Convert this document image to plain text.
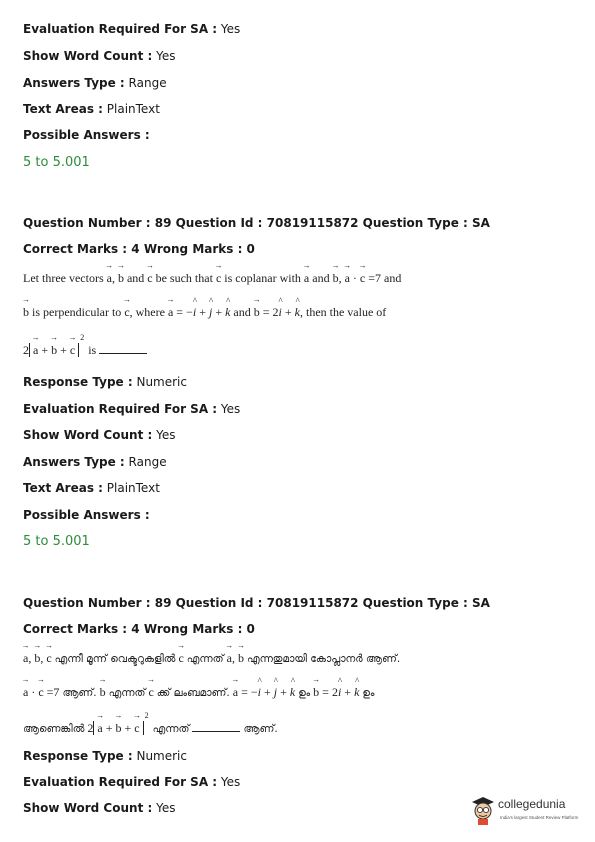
Evaluation Required For SA : Yes
Show Word Count : Yes
Answers Type : Range
Text Areas : PlainText
Possible Answers :
5 to 5.001
Question Number : 89 Question Id : 70819115872 Question Type : SA
Correct Marks : 4 Wrong Marks : 0
Let three vectors → a, → b and → c be such that → c is coplanar with → a and → b, → a · → c =7 and
→ b is perpendicular to → c, where → a = −^ i + ^ j + ^ k and → b = 2^ i + ^ k, then the value of
2 → a + → b + → c
2
is
Response Type : Numeric
Evaluation Required For SA : Yes
Show Word Count : Yes
Answers Type : Range
Text Areas : PlainText
Possible Answers :
5 to 5.001
Question Number : 89 Question Id : 70819115872 Question Type : SA
Correct Marks : 4 Wrong Marks : 0
→ a, → b, → c എന്നീ മൂന്ന് വെക്ടറുകളിൽ → c എന്നത് → a, → b എന്നതുമായി കോപ്ലാനർ ആണ്.
→ a · → c =7 ആണ്. → b എന്നത് → c ക്ക് ലംബമാണ്. → a = −^ i + ^ j + ^ k ഉം → b = 2^ i + ^ k ഉം
ആണെങ്കിൽ 2 → a + → b + → c
2
എന്നത്	ആണ്.
Response Type : Numeric
Evaluation Required For SA : Yes
Show Word Count : Yes	collegedunia
India's largest Student Review Platform
